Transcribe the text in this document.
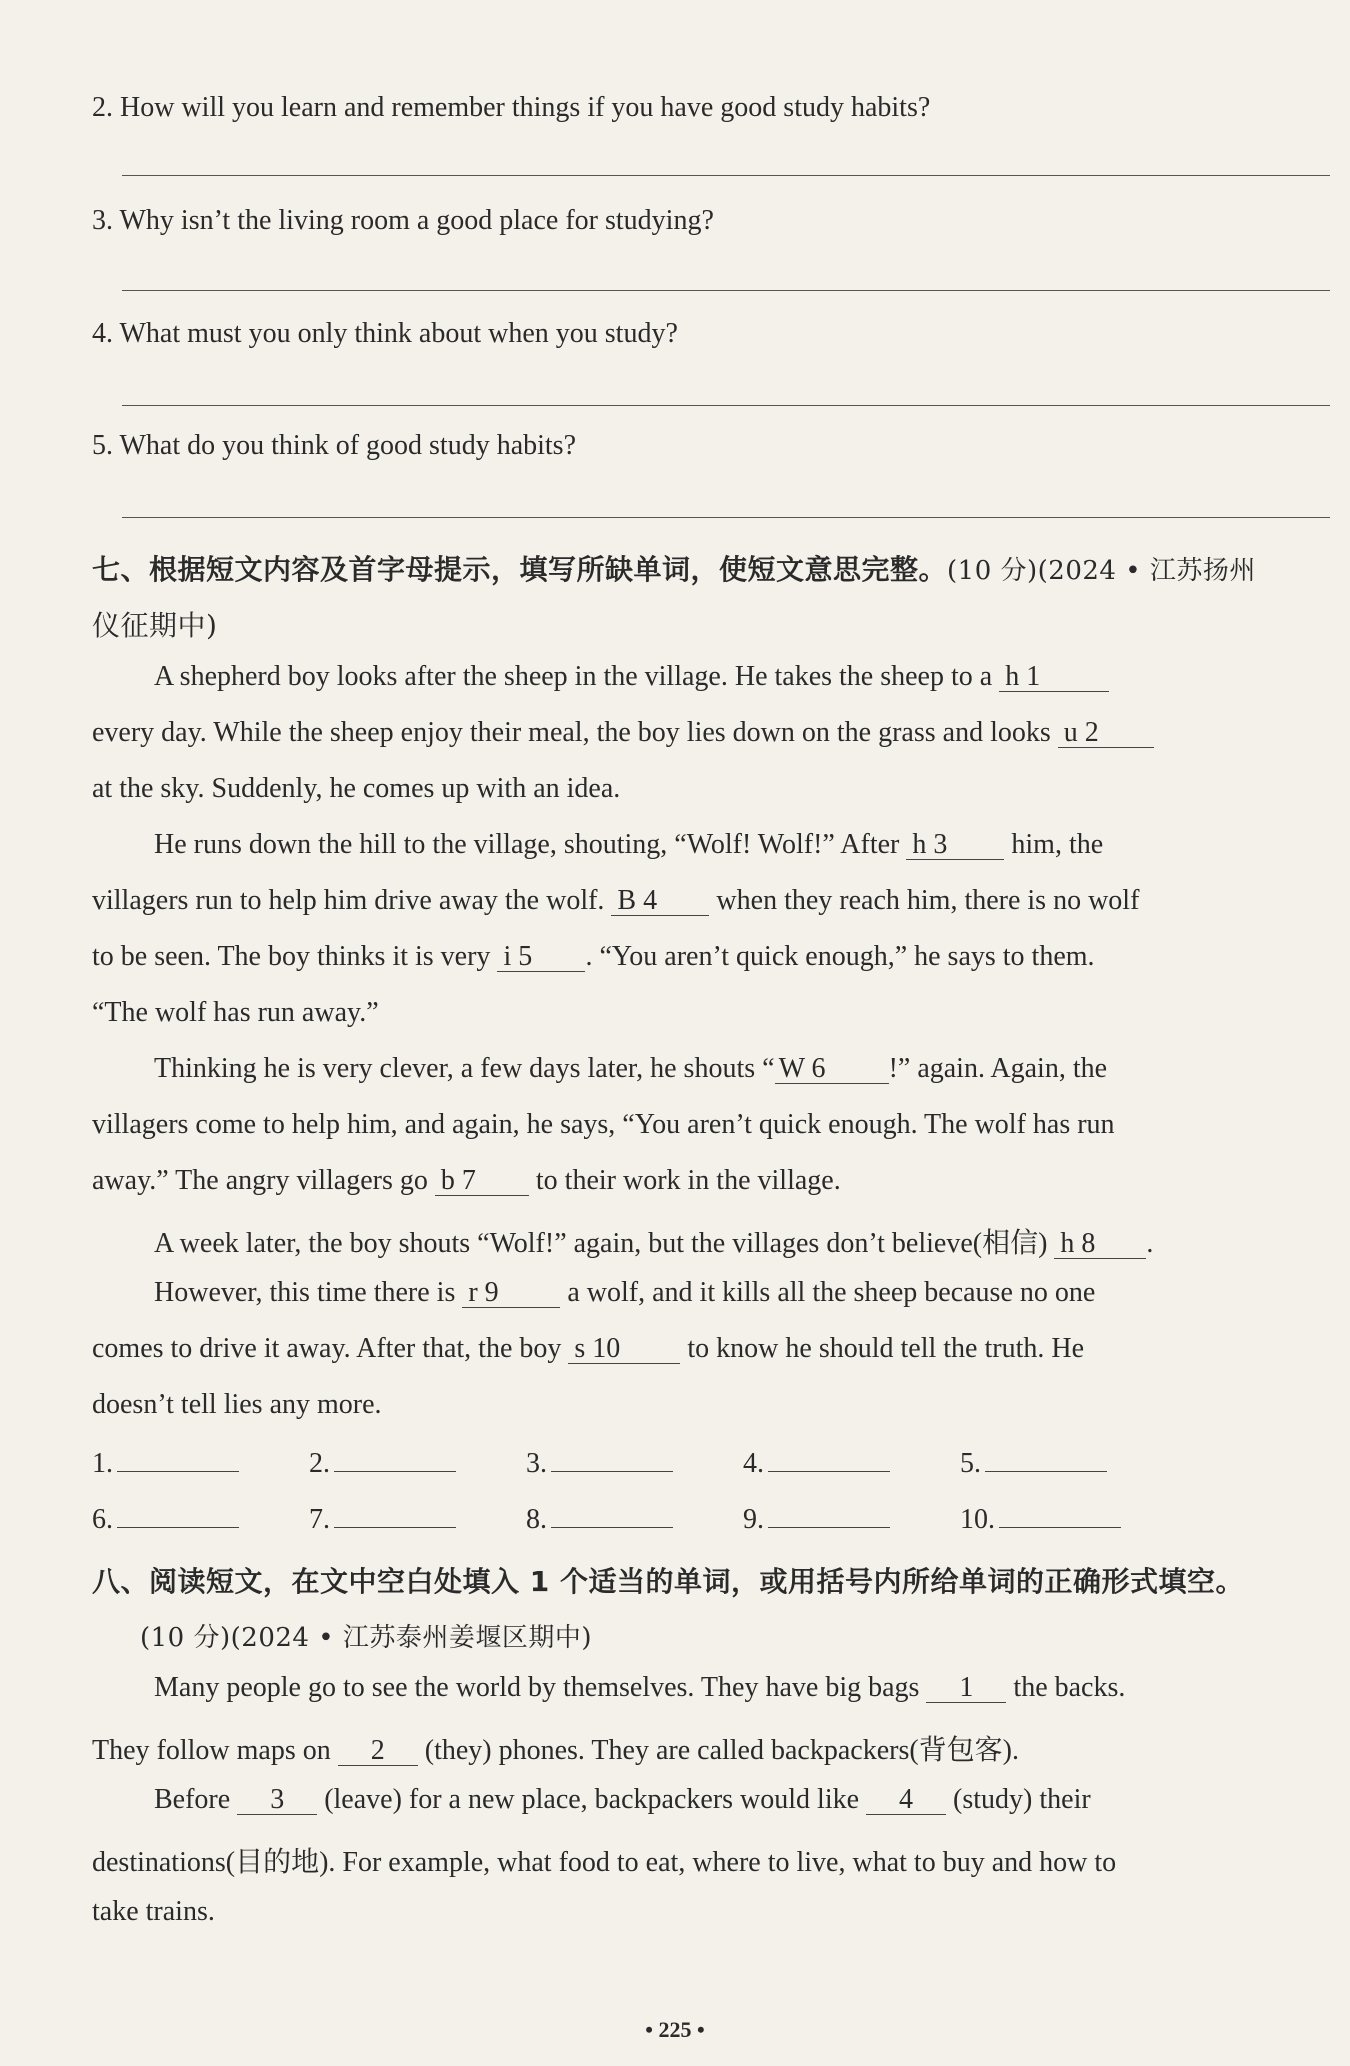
2. How will you learn and remember things if you have good study habits?
3. Why isn’t the living room a good place for studying?
4. What must you only think about when you study?
5. What do you think of good study habits?
七、根据短文内容及首字母提示，填写所缺单词，使短文意思完整。(10 分)(2024 • 江苏扬州
仪征期中)
A shepherd boy looks after the sheep in the village. He takes the sheep to a h 1
every day. While the sheep enjoy their meal, the boy lies down on the grass and looks u 2
at the sky. Suddenly, he comes up with an idea.
He runs down the hill to the village, shouting, “Wolf! Wolf!” After h 3 him, the
villagers run to help him drive away the wolf. B 4 when they reach him, there is no wolf
to be seen. The boy thinks it is very i 5 . “You aren’t quick enough,” he says to them.
“The wolf has run away.”
Thinking he is very clever, a few days later, he shouts “ W 6 !” again. Again, the
villagers come to help him, and again, he says, “You aren’t quick enough. The wolf has run
away.” The angry villagers go b 7 to their work in the village.
A week later, the boy shouts “Wolf!” again, but the villages don’t believe(相信) h 8 .
However, this time there is r 9 a wolf, and it kills all the sheep because no one
comes to drive it away. After that, the boy s 10 to know he should tell the truth. He
doesn’t tell lies any more.
1.	2.	3.	4.	5.
6.	7.	8.	9.	10.
八、阅读短文，在文中空白处填入 1 个适当的单词，或用括号内所给单词的正确形式填空。
(10 分)(2024 • 江苏泰州姜堰区期中)
Many people go to see the world by themselves. They have big bags 1 the backs.
They follow maps on 2 (they) phones. They are called backpackers(背包客).
Before 3 (leave) for a new place, backpackers would like 4 (study) their
destinations(目的地). For example, what food to eat, where to live, what to buy and how to
take trains.
• 225 •
